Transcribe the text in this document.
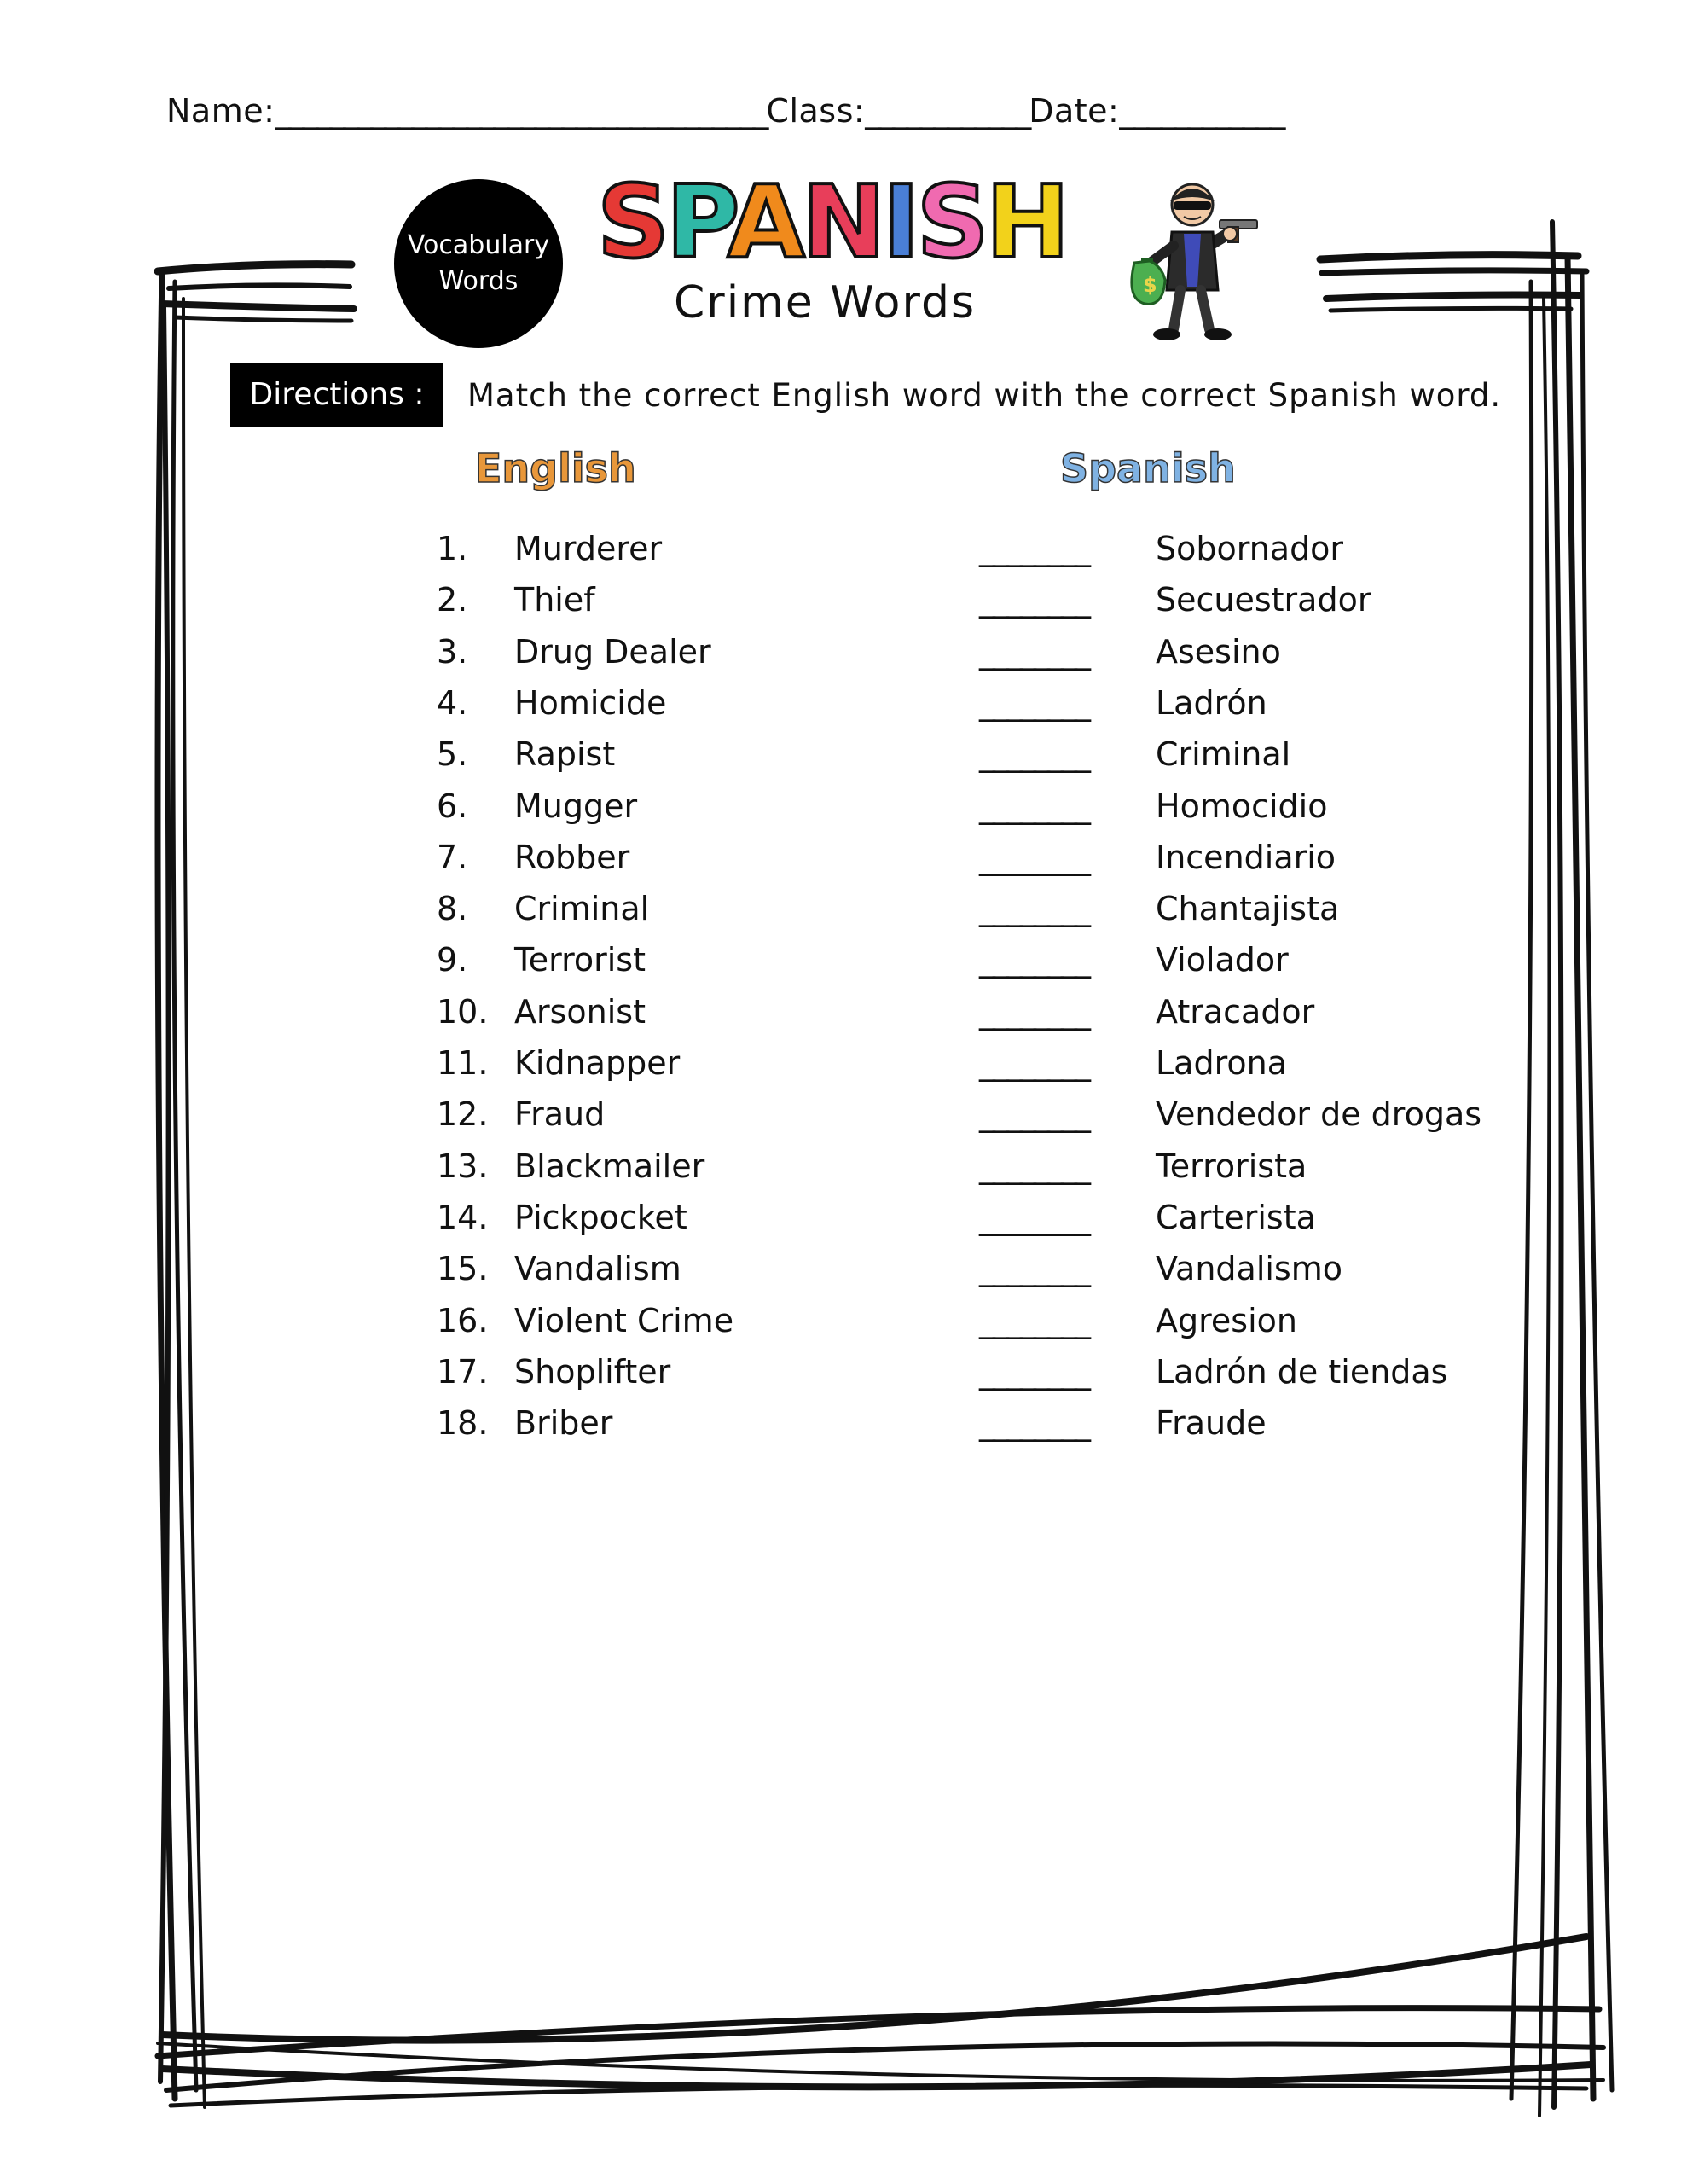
Name:____________________________________Class:____________Date:____________
Vocabulary
Words
SPANISH
Crime Words	$
Directions :	Match the correct English word with the correct Spanish word.
English	Spanish
1. Murderer	________ Sobornador
2. Thief	________ Secuestrador
3. Drug Dealer	________ Asesino
4. Homicide	________ Ladrón
5. Rapist	________ Criminal
6. Mugger	________ Homocidio
7. Robber	________ Incendiario
8. Criminal	________ Chantajista
9. Terrorist	________ Violador
10. Arsonist	________ Atracador
11. Kidnapper	________ Ladrona
12. Fraud	________ Vendedor de drogas
13. Blackmailer	________ Terrorista
14. Pickpocket	________ Carterista
15. Vandalism	________ Vandalismo
16. Violent Crime	________ Agresion
17. Shoplifter	________ Ladrón de tiendas
18. Briber	________ Fraude
